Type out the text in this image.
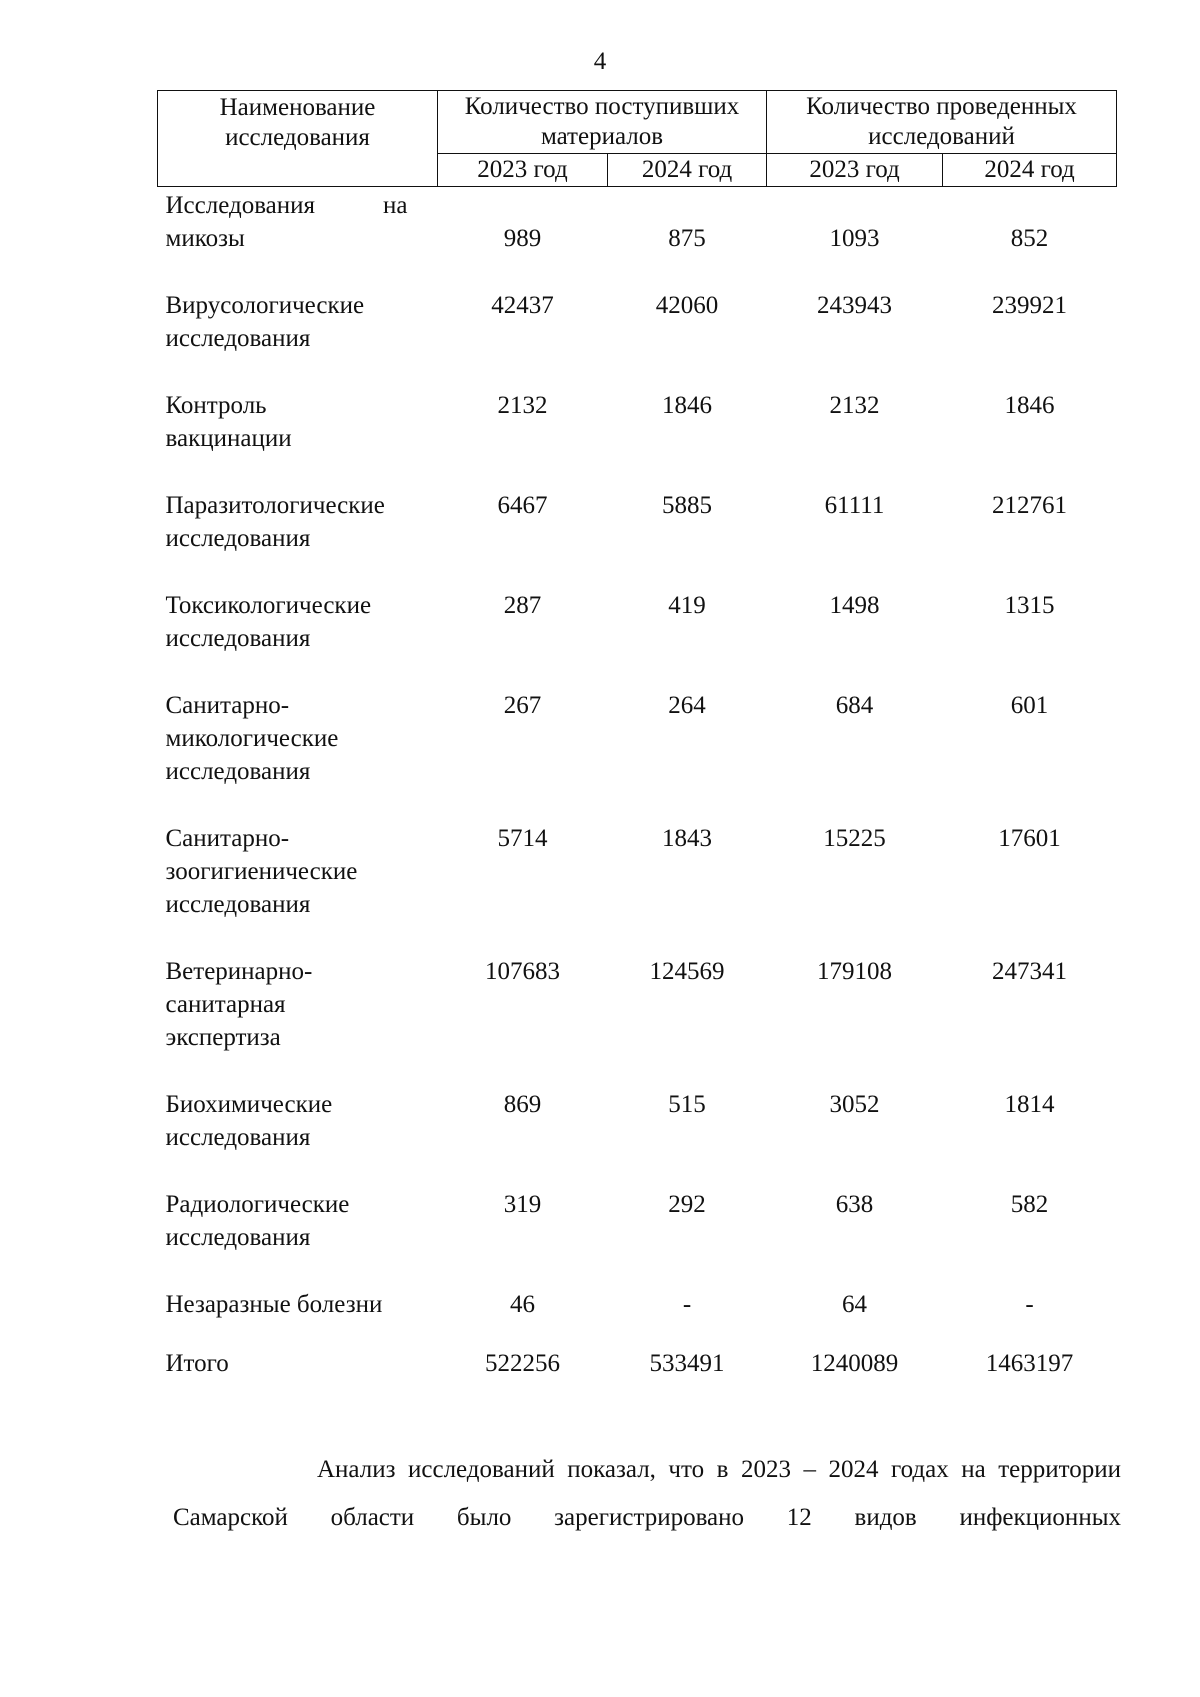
4
Наименование исследования	Количество поступивших материалов		Количество проведенных исследований	
	2023 год	2024 год	2023 год	2024 год

Исследования на
микозы	989	875	1093	852

Вирусологические
исследования	42437	42060	243943	239921

Контроль
вакцинации	2132	1846	2132	1846

Паразитологические
исследования	6467	5885	61111	212761

Токсикологические
исследования	287	419	1498	1315

Санитарно-
микологические
исследования	267	264	684	601

Санитарно-
зоогигиенические
исследования	5714	1843	15225	17601

Ветеринарно-
санитарная
экспертиза	107683	124569	179108	247341

Биохимические
исследования	869	515	3052	1814

Радиологические
исследования	319	292	638	582

Незаразные болезни	46	-	64	-

Итого	522256	533491	1240089	1463197
Анализ исследований показал, что в 2023 – 2024 годах на территории
Самарской области было зарегистрировано 12 видов инфекционных
